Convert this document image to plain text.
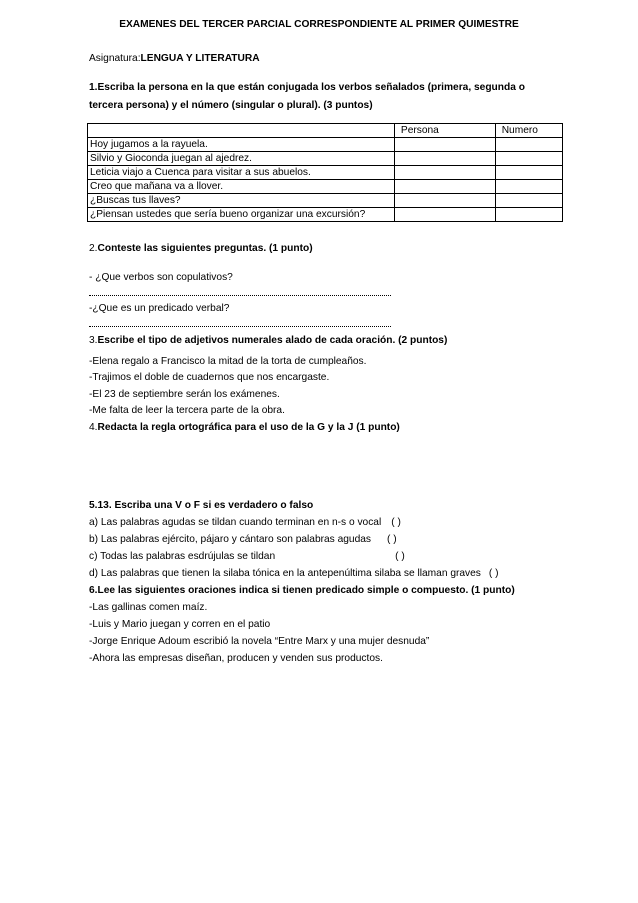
EXAMENES DEL TERCER PARCIAL CORRESPONDIENTE AL PRIMER QUIMESTRE
Asignatura:LENGUA Y LITERATURA
1.Escriba la persona en la que están conjugada los verbos señalados (primera, segunda o
tercera persona) y el número (singular o plural). (3 puntos)
	Persona	Numero
Hoy jugamos a la rayuela.		
Silvio y Gioconda juegan al ajedrez.		
Leticia viajo a Cuenca para visitar a sus abuelos.		
Creo que mañana va a llover.		
¿Buscas tus llaves?		
¿Piensan ustedes que sería bueno organizar una excursión?		
2.Conteste las siguientes preguntas. (1 punto)
- ¿Que verbos son copulativos?
-¿Que es un predicado verbal?
3.Escribe el tipo de adjetivos numerales alado de cada oración. (2 puntos)
-Elena regalo a Francisco la mitad de la torta de cumpleaños.
-Trajimos el doble de cuadernos que nos encargaste.
-El 23 de septiembre serán los exámenes.
-Me falta de leer la tercera parte de la obra.
4.Redacta la regla ortográfica para el uso de la G y la J (1 punto)
5.13. Escriba una V o F si es verdadero o falso
a) Las palabras agudas se tildan cuando terminan en n-s o vocal ( )
b) Las palabras ejército, pájaro y cántaro son palabras agudas ( )
c) Todas las palabras esdrújulas se tildan	( )
d) Las palabras que tienen la silaba tónica en la antepenúltima silaba se llaman graves ( )
6.Lee las siguientes oraciones indica si tienen predicado simple o compuesto. (1 punto)
-Las gallinas comen maíz.
-Luis y Mario juegan y corren en el patio
-Jorge Enrique Adoum escribió la novela “Entre Marx y una mujer desnuda”
-Ahora las empresas diseñan, producen y venden sus productos.
